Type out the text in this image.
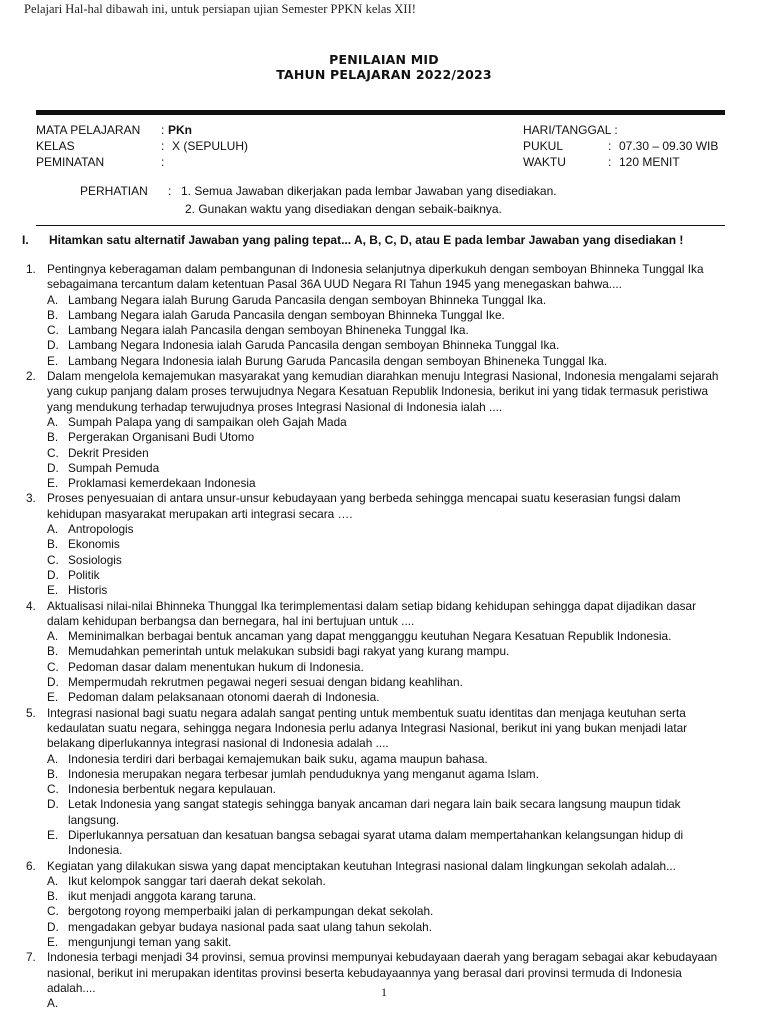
Pelajari Hal-hal dibawah ini, untuk persiapan ujian Semester PPKN kelas XII!
PENILAIAN MID
TAHUN PELAJARAN 2022/2023
MATA PELAJARAN : PKn
KELAS	: X (SEPULUH)
PEMINATAN	:
HARI/TANGGAL :
PUKUL	: 07.30 – 09.30 WIB
WAKTU	: 120 MENIT
PERHATIAN : 1. Semua Jawaban dikerjakan pada lembar Jawaban yang disediakan.
2. Gunakan waktu yang disediakan dengan sebaik-baiknya.
I. Hitamkan satu alternatif Jawaban yang paling tepat... A, B, C, D, atau E pada lembar Jawaban yang disediakan !
1. Pentingnya keberagaman dalam pembangunan di Indonesia selanjutnya diperkukuh dengan semboyan Bhinneka Tunggal Ika sebagaimana tercantum dalam ketentuan Pasal 36A UUD Negara RI Tahun 1945 yang menegaskan bahwa....
A. Lambang Negara ialah Burung Garuda Pancasila dengan semboyan Bhinneka Tunggal Ika.
B. Lambang Negara ialah Garuda Pancasila dengan semboyan Bhinneka Tunggal Ike.
C. Lambang Negara ialah Pancasila dengan semboyan Bhineneka Tunggal Ika.
D. Lambang Negara Indonesia ialah Garuda Pancasila dengan semboyan Bhinneka Tunggal Ika.
E. Lambang Negara Indonesia ialah Burung Garuda Pancasila dengan semboyan Bhineneka Tunggal Ika.
2. Dalam mengelola kemajemukan masyarakat yang kemudian diarahkan menuju Integrasi Nasional, Indonesia mengalami sejarah yang cukup panjang dalam proses terwujudnya Negara Kesatuan Republik Indonesia, berikut ini yang tidak termasuk peristiwa yang mendukung terhadap terwujudnya proses Integrasi Nasional di Indonesia ialah ....
A. Sumpah Palapa yang di sampaikan oleh Gajah Mada
B. Pergerakan Organisani Budi Utomo
C. Dekrit Presiden
D. Sumpah Pemuda
E. Proklamasi kemerdekaan Indonesia
3. Proses penyesuaian di antara unsur-unsur kebudayaan yang berbeda sehingga mencapai suatu keserasian fungsi dalam kehidupan masyarakat merupakan arti integrasi secara ….
A. Antropologis
B. Ekonomis
C. Sosiologis
D. Politik
E. Historis
4. Aktualisasi nilai-nilai Bhinneka Thunggal Ika terimplementasi dalam setiap bidang kehidupan sehingga dapat dijadikan dasar dalam kehidupan berbangsa dan bernegara, hal ini bertujuan untuk ....
A. Meminimalkan berbagai bentuk ancaman yang dapat mengganggu keutuhan Negara Kesatuan Republik Indonesia.
B. Memudahkan pemerintah untuk melakukan subsidi bagi rakyat yang kurang mampu.
C. Pedoman dasar dalam menentukan hukum di Indonesia.
D. Mempermudah rekrutmen pegawai negeri sesuai dengan bidang keahlihan.
E. Pedoman dalam pelaksanaan otonomi daerah di Indonesia.
5. Integrasi nasional bagi suatu negara adalah sangat penting untuk membentuk suatu identitas dan menjaga keutuhan serta kedaulatan suatu negara, sehingga negara Indonesia perlu adanya Integrasi Nasional, berikut ini yang bukan menjadi latar belakang diperlukannya integrasi nasional di Indonesia adalah ....
A. Indonesia terdiri dari berbagai kemajemukan baik suku, agama maupun bahasa.
B. Indonesia merupakan negara terbesar jumlah penduduknya yang menganut agama Islam.
C. Indonesia berbentuk negara kepulauan.
D. Letak Indonesia yang sangat stategis sehingga banyak ancaman dari negara lain baik secara langsung maupun tidak langsung.
E. Diperlukannya persatuan dan kesatuan bangsa sebagai syarat utama dalam mempertahankan kelangsungan hidup di Indonesia.
6. Kegiatan yang dilakukan siswa yang dapat menciptakan keutuhan Integrasi nasional dalam lingkungan sekolah adalah...
A. Ikut kelompok sanggar tari daerah dekat sekolah.
B. ikut menjadi anggota karang taruna.
C. bergotong royong memperbaiki jalan di perkampungan dekat sekolah.
D. mengadakan gebyar budaya nasional pada saat ulang tahun sekolah.
E. mengunjungi teman yang sakit.
7. Indonesia terbagi menjadi 34 provinsi, semua provinsi mempunyai kebudayaan daerah yang beragam sebagai akar kebudayaan nasional, berikut ini merupakan identitas provinsi beserta kebudayaannya yang berasal dari provinsi termuda di Indonesia adalah....
A.
1
